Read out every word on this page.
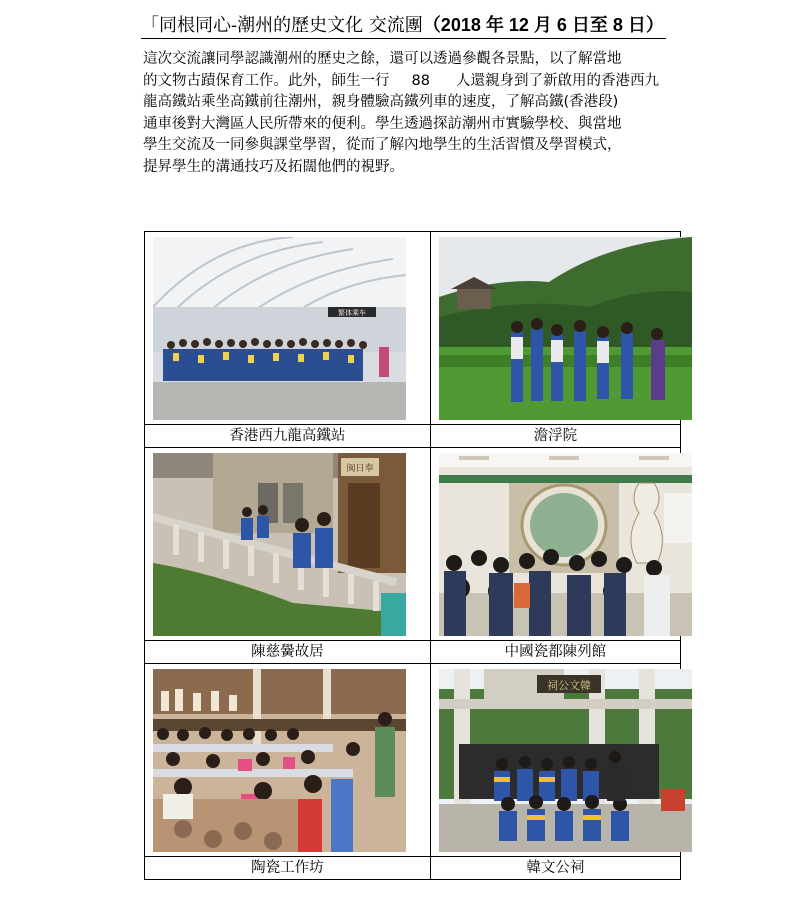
「同根同心-潮州的歷史文化 交流團（2018 年 12 月 6 日至 8 日）

這次交流讓同學認識潮州的歷史之餘，還可以透過參觀各景點，以了解當地

的文物古蹟保育工作。此外，師生一行 88 人還親身到了新啟用的香港西九

龍高鐵站乘坐高鐵前往潮州，親身體驗高鐵列車的速度，了解高鐵(香港段)

通車後對大灣區人民所帶來的便利。學生透過探訪潮州市實驗學校、與當地

學生交流及一同參與課堂學習，從而了解內地學生的生活習慣及學習模式，

提昇學生的溝通技巧及拓闊他們的視野。

繁体乘车

香港西九龍高鐵站	澹浮院

闽日奉

陳慈黌故居	中國瓷都陳列館

祠公文韓

陶瓷工作坊	韓文公祠
